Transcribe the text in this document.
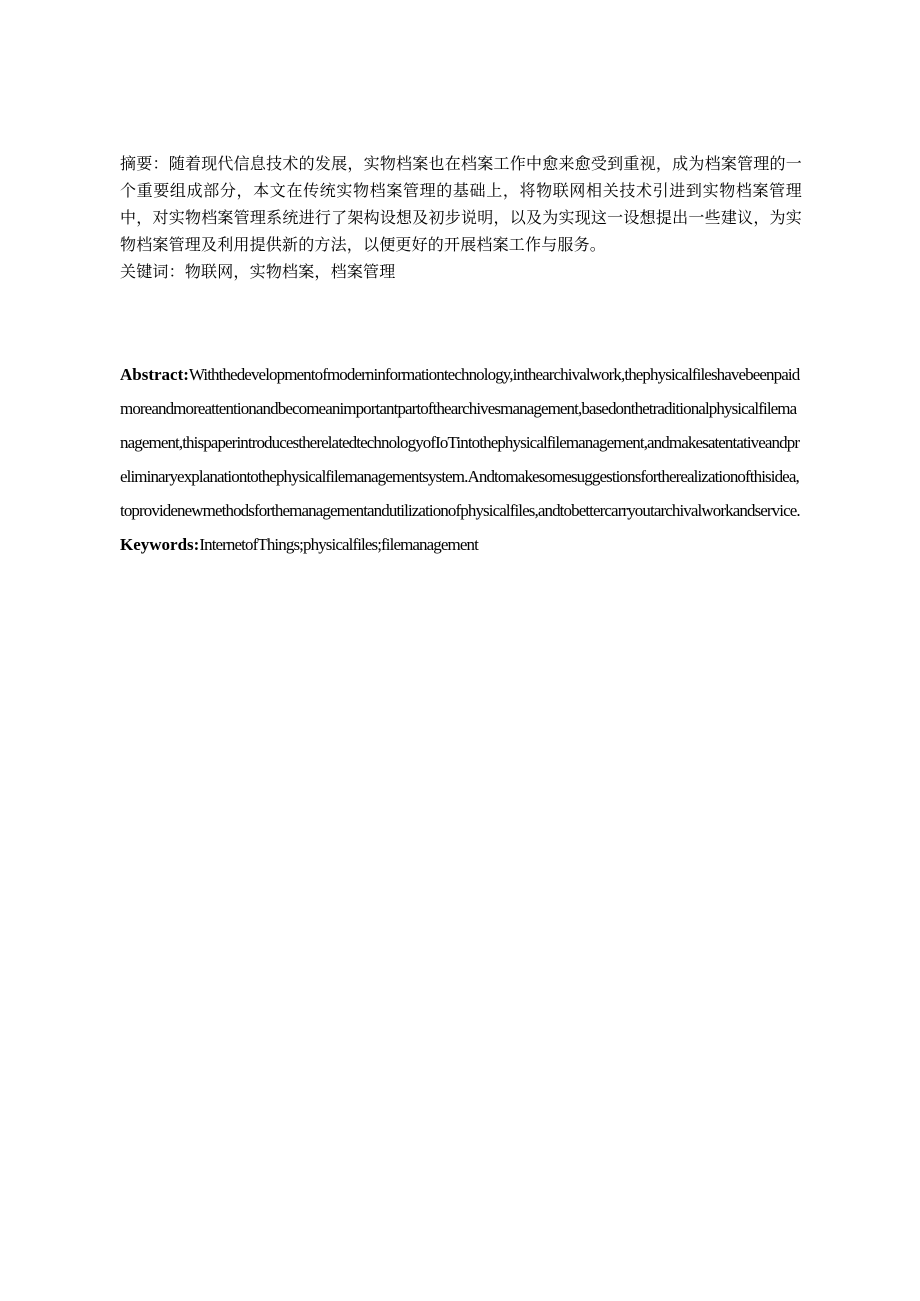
摘要：随着现代信息技术的发展，实物档案也在档案工作中愈来愈受到重视，成为档案管理的一个重要组成部分，本文在传统实物档案管理的基础上，将物联网相关技术引进到实物档案管理中，对实物档案管理系统进行了架构设想及初步说明，以及为实现这一设想提出一些建议，为实物档案管理及利用提供新的方法，以便更好的开展档案工作与服务。

关键词：物联网，实物档案，档案管理

Abstract:Withthedevelopmentofmoderninformationtechnology,inthearchivalwork,thephysicalfileshavebeenpaidmoreandmoreattentionandbecomeanimportantpartofthearchivesmanagement,basedonthetraditionalphysicalfilemanagement,thispaperintroducestherelatedtechnologyofIoTintothephysicalfilemanagement,andmakesatentativeandpreliminaryexplanationtothephysicalfilemanagementsystem.Andtomakesomesuggestionsfortherealizationofthisidea,toprovidenewmethodsforthemanagementandutilizationofphysicalfiles,andtobettercarryoutarchivalworkandservice.

Keywords:InternetofThings;physicalfiles;filemanagement
